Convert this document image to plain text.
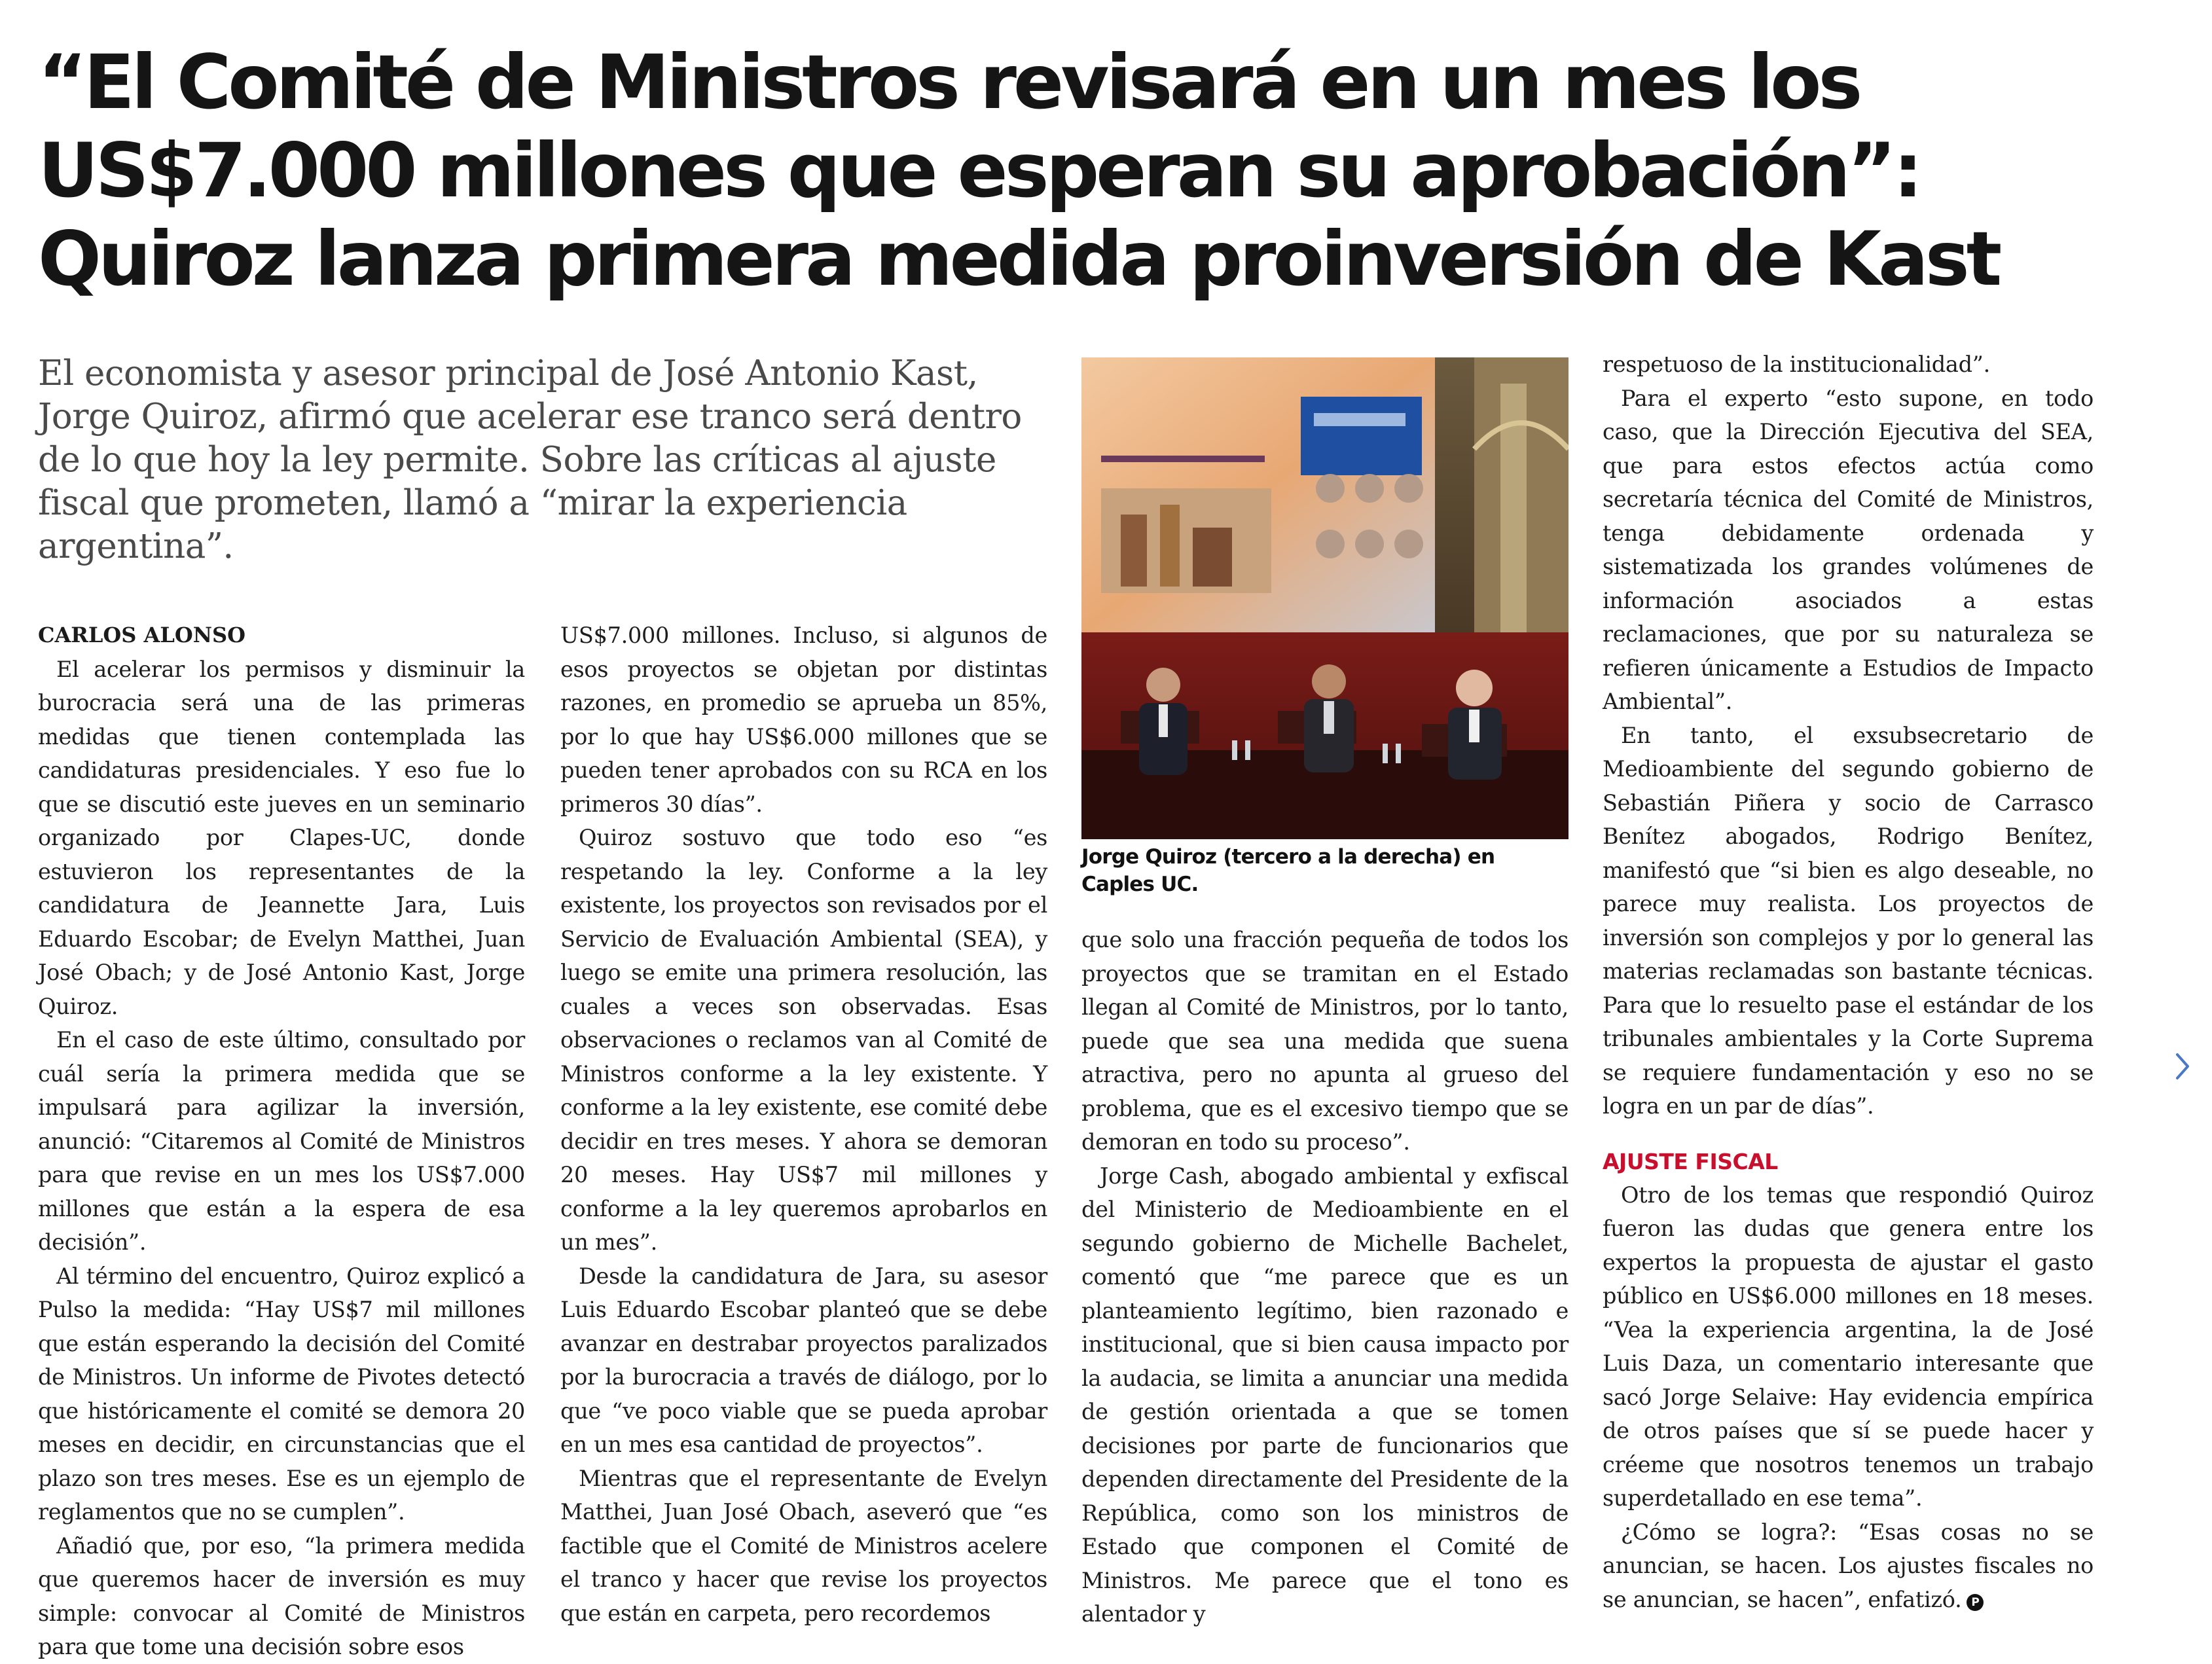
“El Comité de Ministros revisará en un mes los
US$7.000 millones que esperan su aprobación”:
Quiroz lanza primera medida proinversión de Kast

El economista y asesor principal de José Antonio Kast, Jorge Quiroz, afirmó que acelerar ese tranco será dentro de lo que hoy la ley permite. Sobre las críticas al ajuste fiscal que prometen, llamó a “mirar la experiencia argentina”.

CARLOS ALONSO

El acelerar los permisos y disminuir la burocracia será una de las primeras medidas que tienen contemplada las candidaturas presidenciales. Y eso fue lo que se discutió este jueves en un seminario organizado por Clapes-UC, donde estuvieron los representantes de la candidatura de Jeannette Jara, Luis Eduardo Escobar; de Evelyn Matthei, Juan José Obach; y de José Antonio Kast, Jorge Quiroz.

En el caso de este último, consultado por cuál sería la primera medida que se impulsará para agilizar la inversión, anunció: “Citaremos al Comité de Ministros para que revise en un mes los US$7.000 millones que están a la espera de esa decisión”.

Al término del encuentro, Quiroz explicó a Pulso la medida: “Hay US$7 mil millones que están esperando la decisión del Comité de Ministros. Un informe de Pivotes detectó que históricamente el comité se demora 20 meses en decidir, en circunstancias que el plazo son tres meses. Ese es un ejemplo de reglamentos que no se cumplen”.

Añadió que, por eso, “la primera medida que queremos hacer de inversión es muy simple: convocar al Comité de Ministros para que tome una decisión sobre esos

US$7.000 millones. Incluso, si algunos de esos proyectos se objetan por distintas razones, en promedio se aprueba un 85%, por lo que hay US$6.000 millones que se pueden tener aprobados con su RCA en los primeros 30 días”.

Quiroz sostuvo que todo eso “es respetando la ley. Conforme a la ley existente, los proyectos son revisados por el Servicio de Evaluación Ambiental (SEA), y luego se emite una primera resolución, las cuales a veces son observadas. Esas observaciones o reclamos van al Comité de Ministros conforme a la ley existente. Y conforme a la ley existente, ese comité debe decidir en tres meses. Y ahora se demoran 20 meses. Hay US$7 mil millones y conforme a la ley queremos aprobarlos en un mes”.

Desde la candidatura de Jara, su asesor Luis Eduardo Escobar planteó que se debe avanzar en destrabar proyectos paralizados por la burocracia a través de diálogo, por lo que “ve poco viable que se pueda aprobar en un mes esa cantidad de proyectos”.

Mientras que el representante de Evelyn Matthei, Juan José Obach, aseveró que “es factible que el Comité de Ministros acelere el tranco y hacer que revise los proyectos que están en carpeta, pero recordemos

Jorge Quiroz (tercero a la derecha) en Caples UC.

que solo una fracción pequeña de todos los proyectos que se tramitan en el Estado llegan al Comité de Ministros, por lo tanto, puede que sea una medida que suena atractiva, pero no apunta al grueso del problema, que es el excesivo tiempo que se demoran en todo su proceso”.

Jorge Cash, abogado ambiental y exfiscal del Ministerio de Medioambiente en el segundo gobierno de Michelle Bachelet, comentó que “me parece que es un planteamiento legítimo, bien razonado e institucional, que si bien causa impacto por la audacia, se limita a anunciar una medida de gestión orientada a que se tomen decisiones por parte de funcionarios que dependen directamente del Presidente de la República, como son los ministros de Estado que componen el Comité de Ministros. Me parece que el tono es alentador y

respetuoso de la institucionalidad”.

Para el experto “esto supone, en todo caso, que la Dirección Ejecutiva del SEA, que para estos efectos actúa como secretaría técnica del Comité de Ministros, tenga debidamente ordenada y sistematizada los grandes volúmenes de información asociados a estas reclamaciones, que por su naturaleza se refieren únicamente a Estudios de Impacto Ambiental”.

En tanto, el exsubsecretario de Medioambiente del segundo gobierno de Sebastián Piñera y socio de Carrasco Benítez abogados, Rodrigo Benítez, manifestó que “si bien es algo deseable, no parece muy realista. Los proyectos de inversión son complejos y por lo general las materias reclamadas son bastante técnicas. Para que lo resuelto pase el estándar de los tribunales ambientales y la Corte Suprema se requiere fundamentación y eso no se logra en un par de días”.

AJUSTE FISCAL

Otro de los temas que respondió Quiroz fueron las dudas que genera entre los expertos la propuesta de ajustar el gasto público en US$6.000 millones en 18 meses. “Vea la experiencia argentina, la de José Luis Daza, un comentario interesante que sacó Jorge Selaive: Hay evidencia empírica de otros países que sí se puede hacer y créeme que nosotros tenemos un trabajo superdetallado en ese tema”.

¿Cómo se logra?: “Esas cosas no se anuncian, se hacen. Los ajustes fiscales no se anuncian, se hacen”, enfatizó. P
